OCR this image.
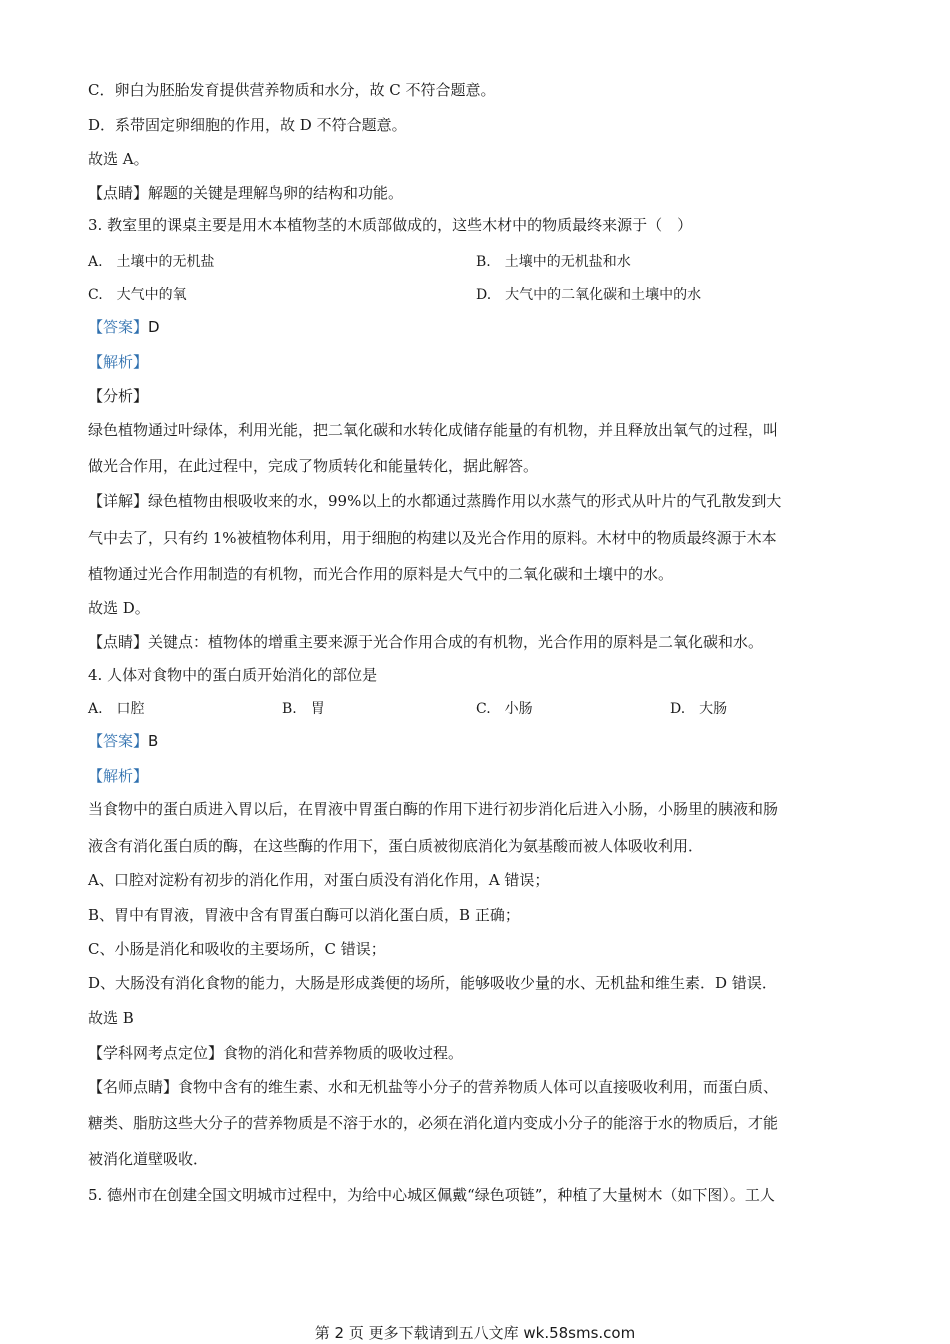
C．卵白为胚胎发育提供营养物质和水分，故 C 不符合题意。
D．系带固定卵细胞的作用，故 D 不符合题意。
故选 A。
【点睛】解题的关键是理解鸟卵的结构和功能。
3. 教室里的课桌主要是用木本植物茎的木质部做成的，这些木材中的物质最终来源于（　）
A.　土壤中的无机盐	B.　土壤中的无机盐和水
C.　大气中的氧	D.　大气中的二氧化碳和土壤中的水
【答案】D
【解析】
【分析】
绿色植物通过叶绿体，利用光能，把二氧化碳和水转化成储存能量的有机物，并且释放出氧气的过程，叫
做光合作用，在此过程中，完成了物质转化和能量转化，据此解答。
【详解】绿色植物由根吸收来的水，99%以上的水都通过蒸腾作用以水蒸气的形式从叶片的气孔散发到大
气中去了，只有约 1%被植物体利用，用于细胞的构建以及光合作用的原料。木材中的物质最终源于木本
植物通过光合作用制造的有机物，而光合作用的原料是大气中的二氧化碳和土壤中的水。
故选 D。
【点睛】关键点：植物体的增重主要来源于光合作用合成的有机物，光合作用的原料是二氧化碳和水。
4. 人体对食物中的蛋白质开始消化的部位是
A.　口腔	B.　胃	C.　小肠	D.　大肠
【答案】B
【解析】
当食物中的蛋白质进入胃以后，在胃液中胃蛋白酶的作用下进行初步消化后进入小肠，小肠里的胰液和肠
液含有消化蛋白质的酶，在这些酶的作用下，蛋白质被彻底消化为氨基酸而被人体吸收利用．
A、口腔对淀粉有初步的消化作用，对蛋白质没有消化作用，A 错误；
B、胃中有胃液，胃液中含有胃蛋白酶可以消化蛋白质，B 正确；
C、小肠是消化和吸收的主要场所，C 错误；
D、大肠没有消化食物的能力，大肠是形成粪便的场所，能够吸收少量的水、无机盐和维生素．D 错误．
故选 B
【学科网考点定位】食物的消化和营养物质的吸收过程。
【名师点睛】食物中含有的维生素、水和无机盐等小分子的营养物质人体可以直接吸收利用，而蛋白质、
糖类、脂肪这些大分子的营养物质是不溶于水的，必须在消化道内变成小分子的能溶于水的物质后，才能
被消化道壁吸收．
5. 德州市在创建全国文明城市过程中，为给中心城区佩戴“绿色项链”，种植了大量树木（如下图）。工人
第 2 页 更多下载请到五八文库 wk.58sms.com
